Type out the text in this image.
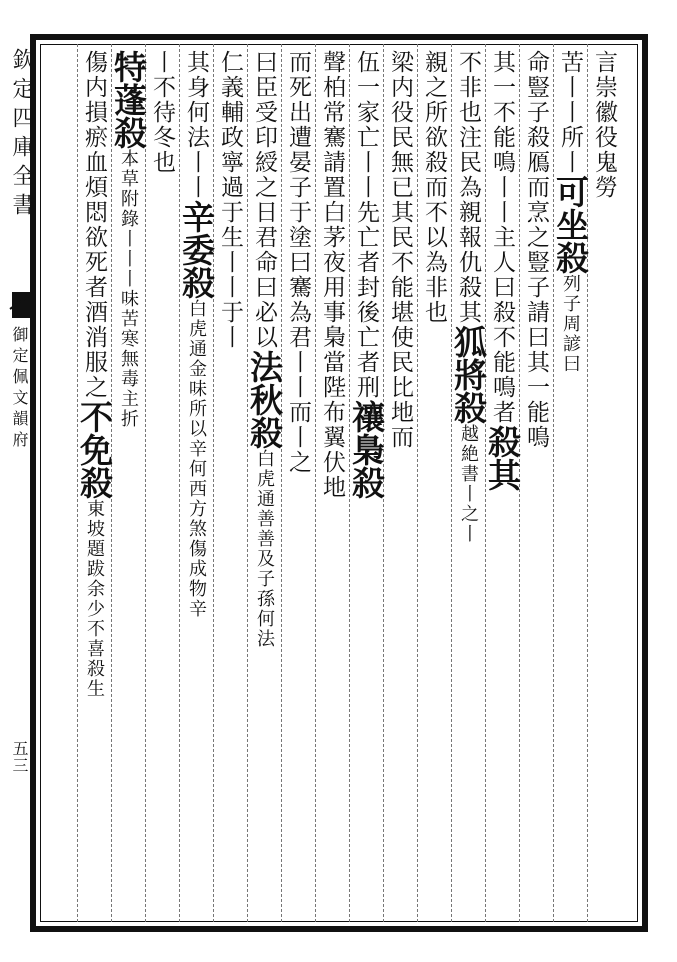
欽定四庫全書
御定佩文韻府
五三
言崇徽役鬼勞
苦丨丨所丨可坐殺列子周諺曰
命豎子殺鴈而烹之豎子請曰其一能鳴
其一不能鳴丨丨主人曰殺不能鳴者殺其
不非也注民為親報仇殺其狐將殺越絶書丨之丨
親之所欲殺而不以為非也
梁内役民無已其民不能堪使民比地而
伍一家亡丨丨先亡者封後亡者刑禳梟殺
聲柏常騫請置白茅夜用事梟當陛布翼伏地
而死出遭晏子于塗曰騫為君丨丨而丨之
曰臣受印綬之日君命曰必以法秋殺白虎通善善及子孫何法
仁義輔政寧過于生丨丨于丨
其身何法丨丨辛委殺白虎通金味所以辛何西方煞傷成物辛
丨不待冬也
特蓬殺本草附錄丨丨丨味苦寒無毒主折
傷内損瘀血煩悶欲死者酒消服之不免殺東坡題跋余少不喜殺生
